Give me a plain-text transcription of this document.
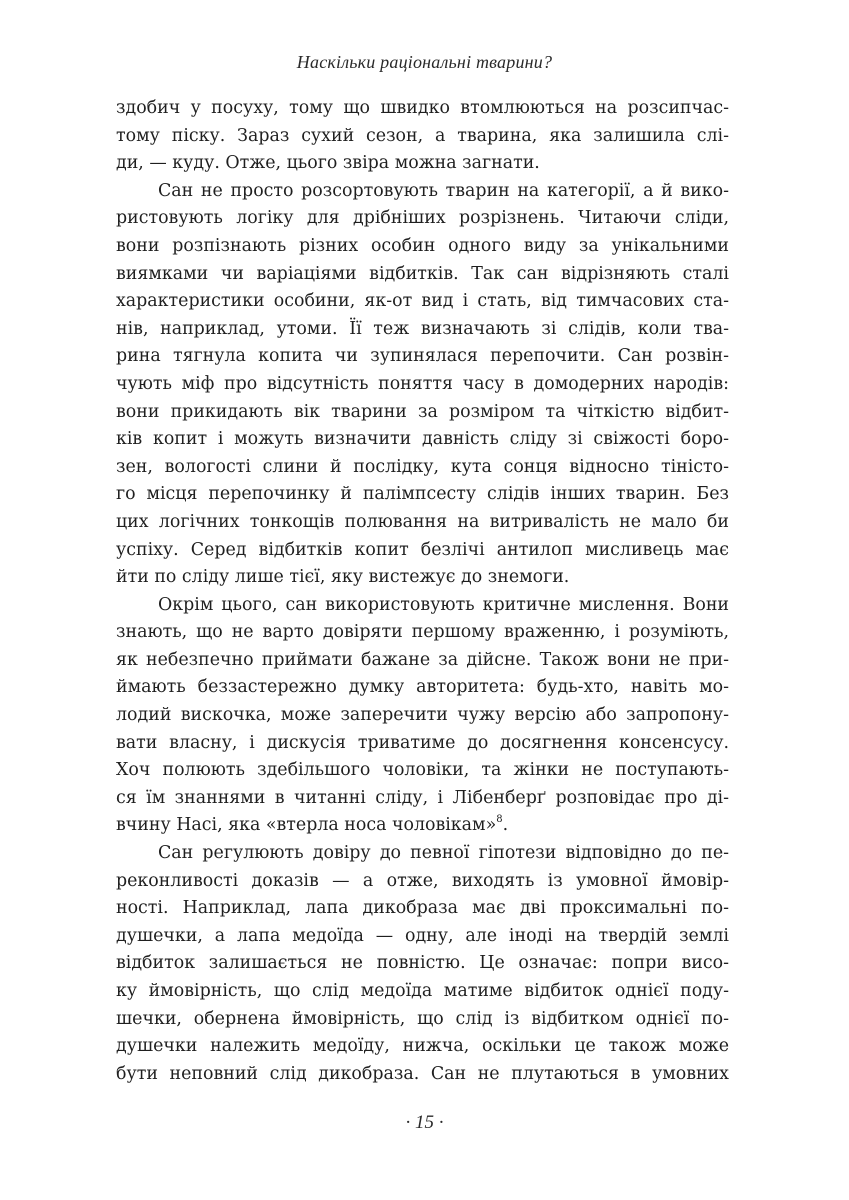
Наскільки раціональні тварини?
здобич у посуху, тому що швидко втомлюються на розсипчас-
тому піску. Зараз сухий сезон, а тварина, яка залишила слі-
ди, — куду. Отже, цього звіра можна загнати.
Сан не просто розсортовують тварин на категорії, а й вико-
ристовують логіку для дрібніших розрізнень. Читаючи сліди,
вони розпізнають різних особин одного виду за унікальними
виямками чи варіаціями відбитків. Так сан відрізняють сталі
характеристики особини, як-от вид і стать, від тимчасових ста-
нів, наприклад, утоми. Її теж визначають зі слідів, коли тва-
рина тягнула копита чи зупинялася перепочити. Сан розвін-
чують міф про відсутність поняття часу в домодерних народів:
вони прикидають вік тварини за розміром та чіткістю відбит-
ків копит і можуть визначити давність сліду зі свіжості боро-
зен, вологості слини й послідку, кута сонця відносно тіністо-
го місця перепочинку й палімпсесту слідів інших тварин. Без
цих логічних тонкощів полювання на витривалість не мало би
успіху. Серед відбитків копит безлічі антилоп мисливець має
йти по сліду лише тієї, яку вистежує до знемоги.
Окрім цього, сан використовують критичне мислення. Вони
знають, що не варто довіряти першому враженню, і розуміють,
як небезпечно приймати бажане за дійсне. Також вони не при-
ймають беззастережно думку авторитета: будь-хто, навіть мо-
лодий вискочка, може заперечити чужу версію або запропону-
вати власну, і дискусія триватиме до досягнення консенсусу.
Хоч полюють здебільшого чоловіки, та жінки не поступають-
ся їм знаннями в читанні сліду, і Лібенберґ розповідає про ді-
вчину Насі, яка «втерла носа чоловікам»$^8$.
Сан регулюють довіру до певної гіпотези відповідно до пе-
реконливості доказів — а отже, виходять із умовної ймовір-
ності. Наприклад, лапа дикобраза має дві проксимальні по-
душечки, а лапа медоїда — одну, але іноді на твердій землі
відбиток залишається не повністю. Це означає: попри висо-
ку ймовірність, що слід медоїда матиме відбиток однієї поду-
шечки, обернена ймовірність, що слід із відбитком однієї по-
душечки належить медоїду, нижча, оскільки це також може
бути неповний слід дикобраза. Сан не плутаються в умовних
· 15 ·
